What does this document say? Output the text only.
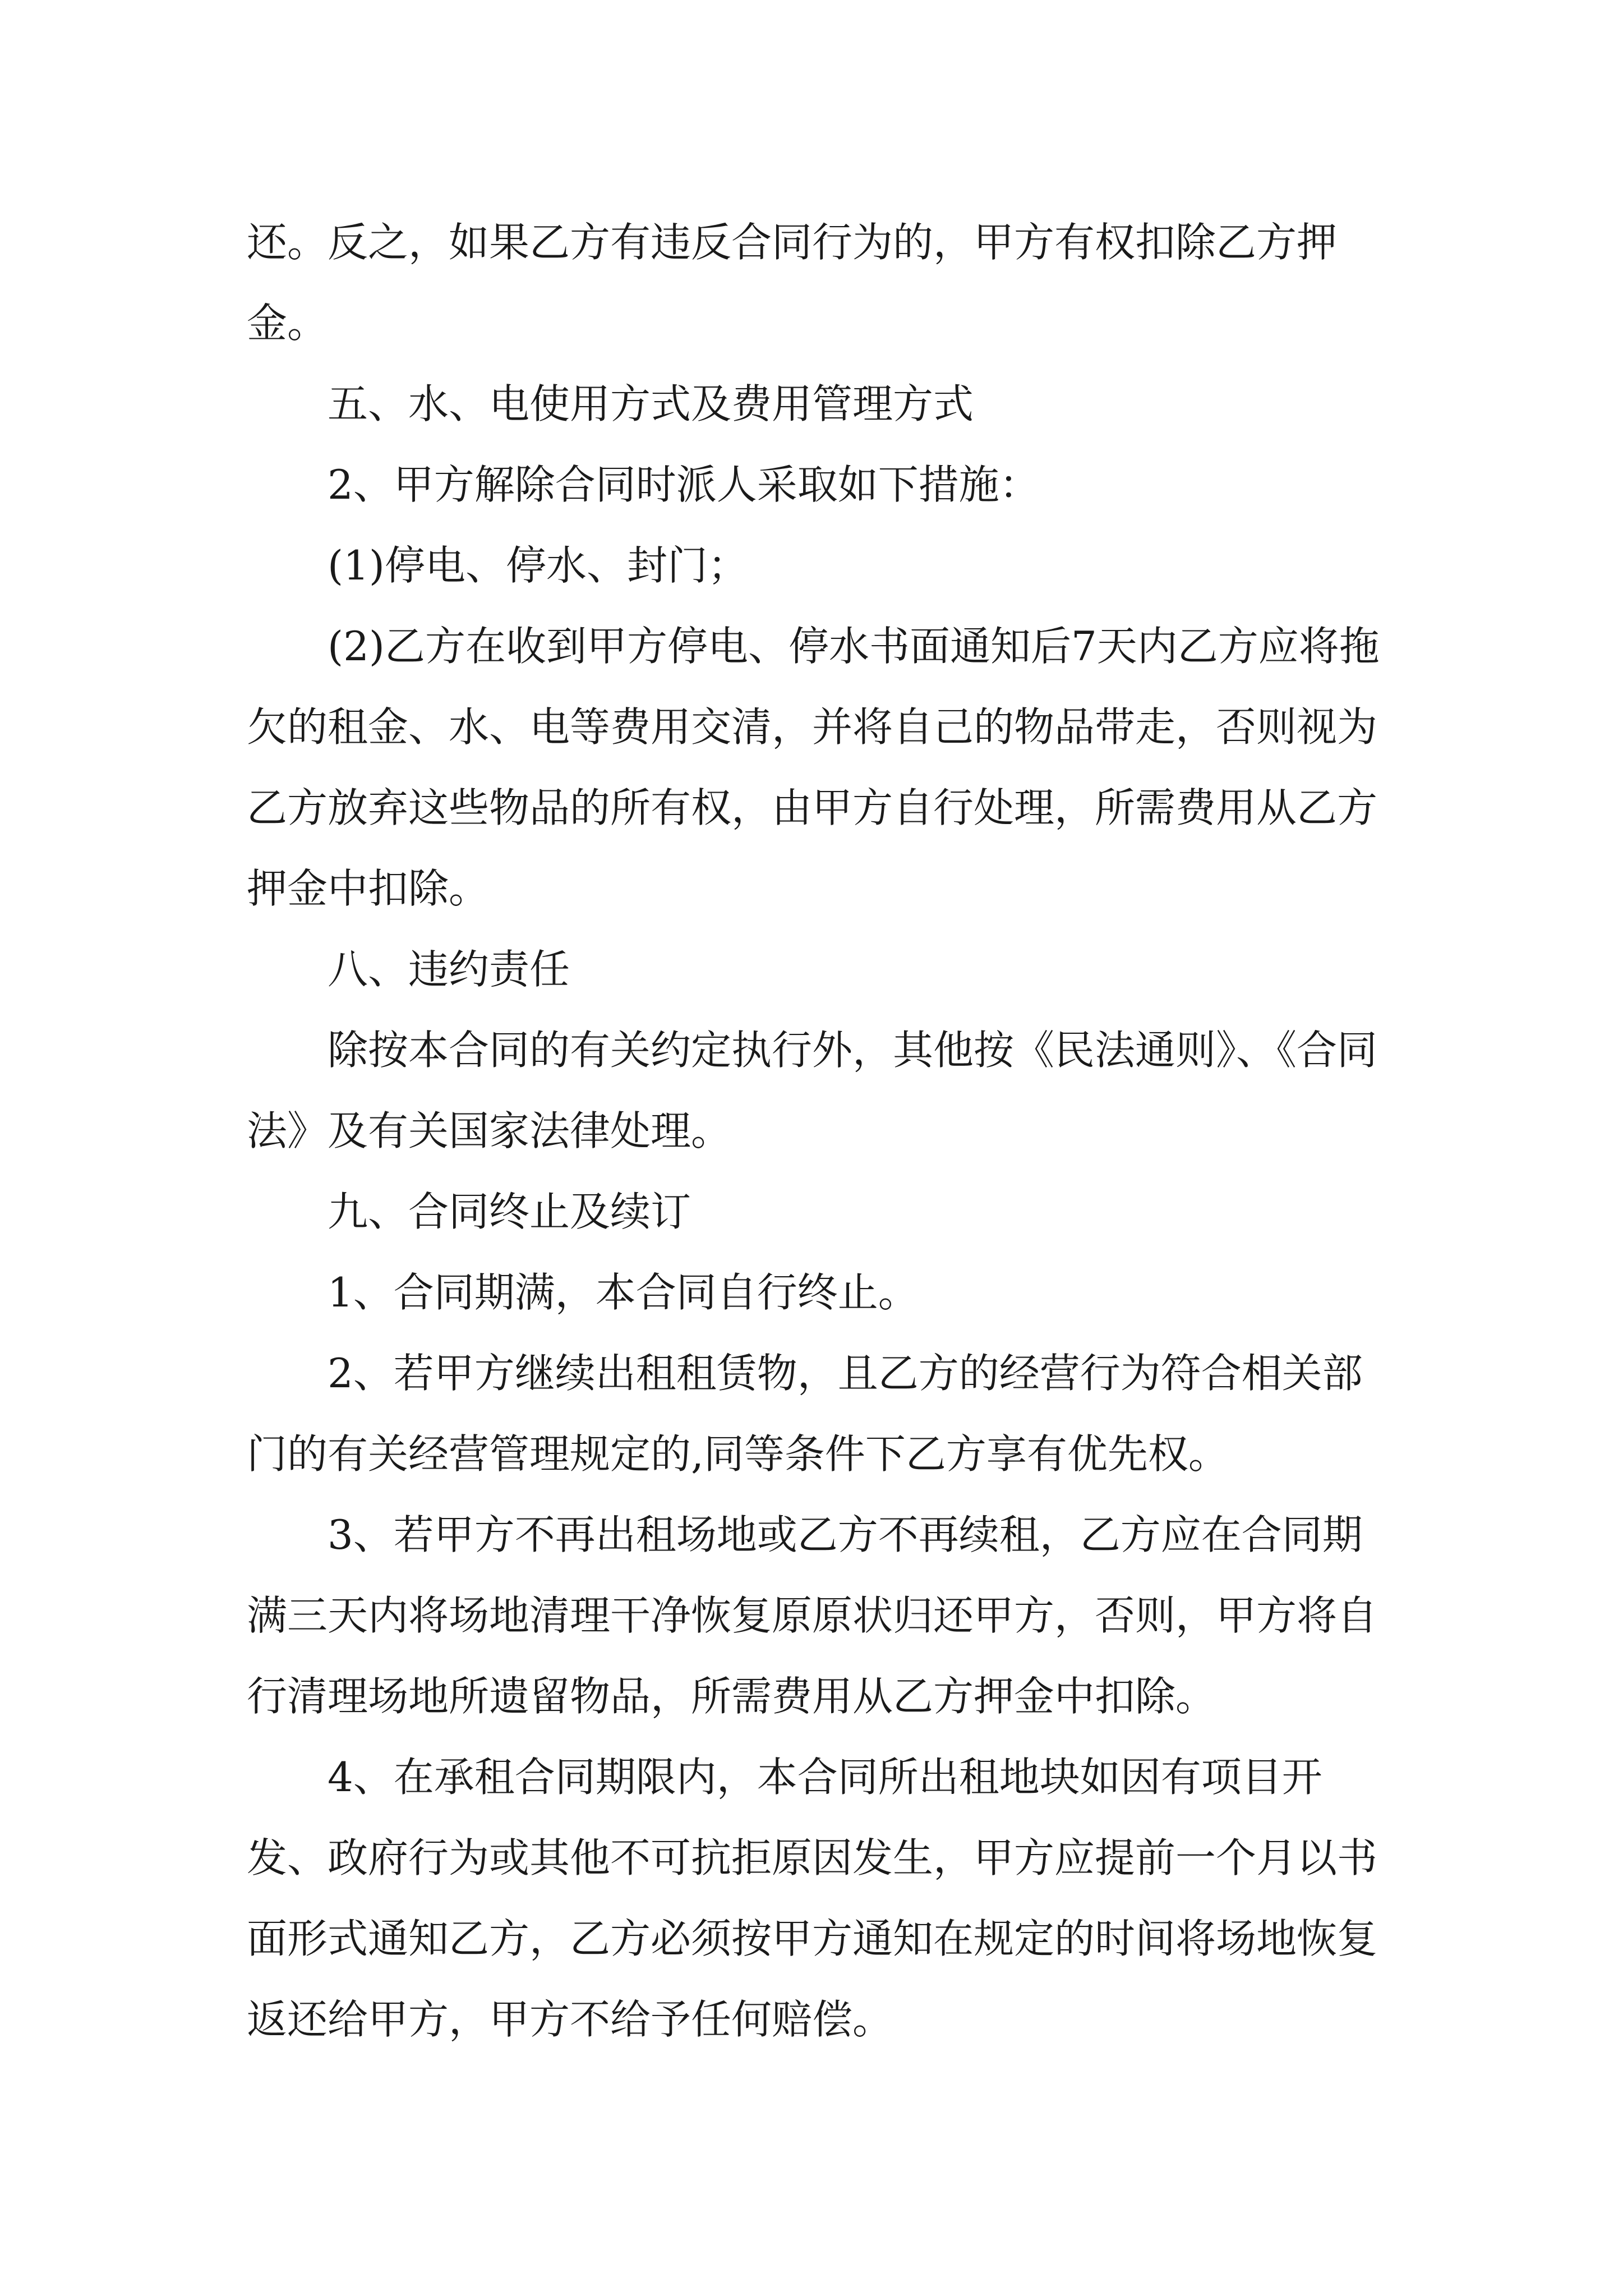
还。反之，如果乙方有违反合同行为的，甲方有权扣除乙方押金。

五、水、电使用方式及费用管理方式

2、甲方解除合同时派人采取如下措施：

(1)停电、停水、封门；

(2)乙方在收到甲方停电、停水书面通知后7天内乙方应将拖欠的租金、水、电等费用交清，并将自己的物品带走，否则视为乙方放弃这些物品的所有权，由甲方自行处理，所需费用从乙方押金中扣除。

八、违约责任

除按本合同的有关约定执行外，其他按《民法通则》、《合同法》及有关国家法律处理。

九、合同终止及续订

1、合同期满，本合同自行终止。

2、若甲方继续出租租赁物，且乙方的经营行为符合相关部门的有关经营管理规定的,同等条件下乙方享有优先权。

3、若甲方不再出租场地或乙方不再续租，乙方应在合同期满三天内将场地清理干净恢复原原状归还甲方，否则，甲方将自行清理场地所遗留物品，所需费用从乙方押金中扣除。

4、在承租合同期限内，本合同所出租地块如因有项目开发、政府行为或其他不可抗拒原因发生，甲方应提前一个月以书面形式通知乙方，乙方必须按甲方通知在规定的时间将场地恢复返还给甲方，甲方不给予任何赔偿。
